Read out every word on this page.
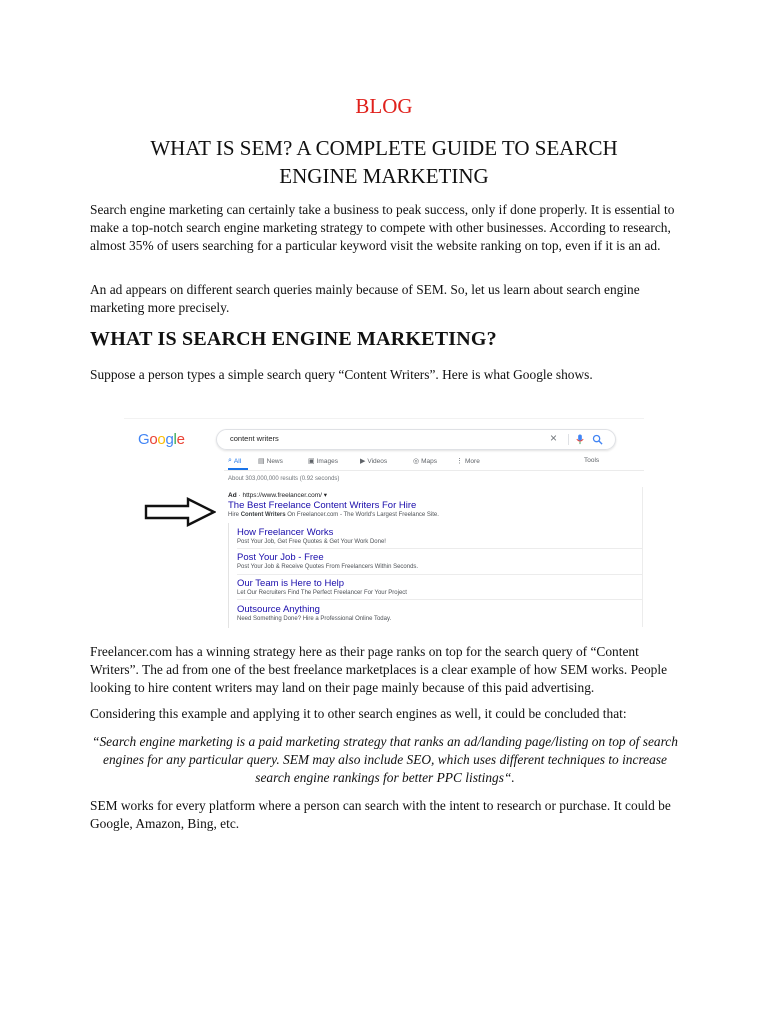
BLOG
WHAT IS SEM? A COMPLETE GUIDE TO SEARCH ENGINE MARKETING
Search engine marketing can certainly take a business to peak success, only if done properly. It is essential to make a top-notch search engine marketing strategy to compete with other businesses. According to research, almost 35% of users searching for a particular keyword visit the website ranking on top, even if it is an ad.
An ad appears on different search queries mainly because of SEM. So, let us learn about search engine marketing more precisely.
WHAT IS SEARCH ENGINE MARKETING?
Suppose a person types a simple search query “Content Writers”. Here is what Google shows.
Google	content writers	×
⌕ All ▤ News	▣ Images	▶ Videos	◎ Maps	⋮ More	Tools
About 303,000,000 results (0.92 seconds)
Ad · https://www.freelancer.com/ ▾
The Best Freelance Content Writers For Hire
Hire Content Writers On Freelancer.com - The World's Largest Freelance Site.
How Freelancer Works
Post Your Job, Get Free Quotes & Get Your Work Done!
Post Your Job - Free
Post Your Job & Receive Quotes From Freelancers Within Seconds.
Our Team is Here to Help
Let Our Recruiters Find The Perfect Freelancer For Your Project
Outsource Anything
Need Something Done? Hire a Professional Online Today.
Freelancer.com has a winning strategy here as their page ranks on top for the search query of “Content Writers”. The ad from one of the best freelance marketplaces is a clear example of how SEM works. People looking to hire content writers may land on their page mainly because of this paid advertising.
Considering this example and applying it to other search engines as well, it could be concluded that:
“Search engine marketing is a paid marketing strategy that ranks an ad/landing page/listing on top of search engines for any particular query. SEM may also include SEO, which uses different techniques to increase search engine rankings for better PPC listings“.
SEM works for every platform where a person can search with the intent to research or purchase. It could be Google, Amazon, Bing, etc.
